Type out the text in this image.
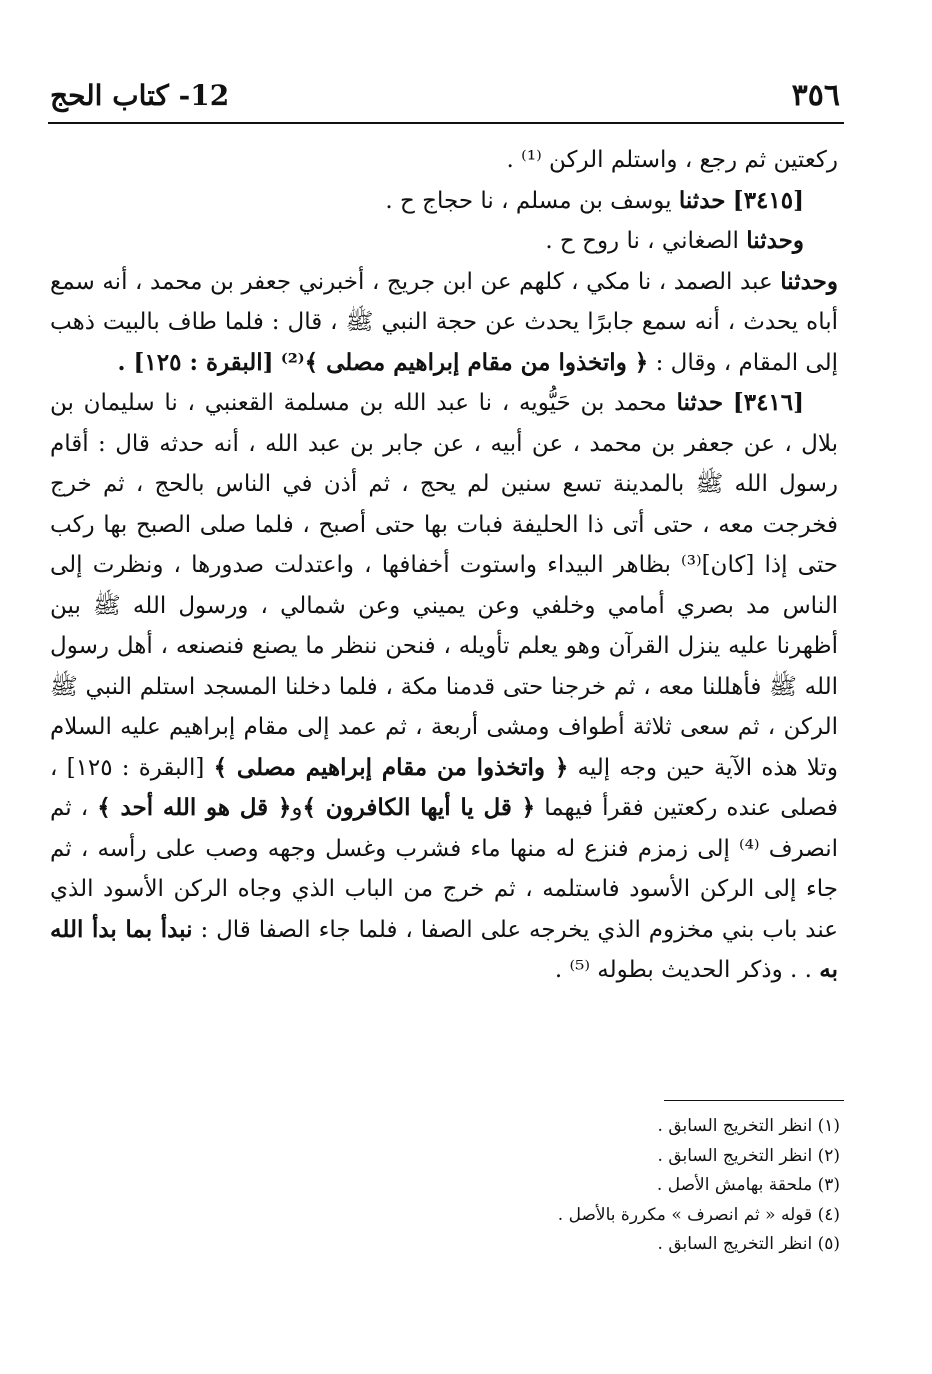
٣٥٦
12- كتاب الحج

ركعتين ثم رجع ، واستلم الركن ⁽¹⁾ .

[٣٤١٥] حدثنا يوسف بن مسلم ، نا حجاج ح .

وحدثنا الصغاني ، نا روح ح .

وحدثنا عبد الصمد ، نا مكي ، كلهم عن ابن جريج ، أخبرني جعفر بن محمد ، أنه سمع أباه يحدث ، أنه سمع جابرًا يحدث عن حجة النبي ﷺ ، قال : فلما طاف بالبيت ذهب إلى المقام ، وقال : ﴿ واتخذوا من مقام إبراهيم مصلى ﴾⁽²⁾ [البقرة : ١٢٥] .

[٣٤١٦] حدثنا محمد بن حَيُّويه ، نا عبد الله بن مسلمة القعنبي ، نا سليمان بن بلال ، عن جعفر بن محمد ، عن أبيه ، عن جابر بن عبد الله ، أنه حدثه قال : أقام رسول الله ﷺ بالمدينة تسع سنين لم يحج ، ثم أذن في الناس بالحج ، ثم خرج فخرجت معه ، حتى أتى ذا الحليفة فبات بها حتى أصبح ، فلما صلى الصبح بها ركب حتى إذا [كان]⁽³⁾ بظاهر البيداء واستوت أخفافها ، واعتدلت صدورها ، ونظرت إلى الناس مد بصري أمامي وخلفي وعن يميني وعن شمالي ، ورسول الله ﷺ بين أظهرنا عليه ينزل القرآن وهو يعلم تأويله ، فنحن ننظر ما يصنع فنصنعه ، أهل رسول الله ﷺ فأهللنا معه ، ثم خرجنا حتى قدمنا مكة ، فلما دخلنا المسجد استلم النبي ﷺ الركن ، ثم سعى ثلاثة أطواف ومشى أربعة ، ثم عمد إلى مقام إبراهيم عليه السلام وتلا هذه الآية حين وجه إليه ﴿ واتخذوا من مقام إبراهيم مصلى ﴾ [البقرة : ١٢٥] ، فصلى عنده ركعتين فقرأ فيهما ﴿ قل يا أيها الكافرون ﴾و﴿ قل هو الله أحد ﴾ ، ثم انصرف ⁽⁴⁾ إلى زمزم فنزع له منها ماء فشرب وغسل وجهه وصب على رأسه ، ثم جاء إلى الركن الأسود فاستلمه ، ثم خرج من الباب الذي وجاه الركن الأسود الذي عند باب بني مخزوم الذي يخرجه على الصفا ، فلما جاء الصفا قال : نبدأ بما بدأ الله به . . وذكر الحديث بطوله ⁽⁵⁾ .

(١) انظر التخريج السابق .

(٢) انظر التخريج السابق .

(٣) ملحقة بهامش الأصل .

(٤) قوله « ثم انصرف » مكررة بالأصل .

(٥) انظر التخريج السابق .
